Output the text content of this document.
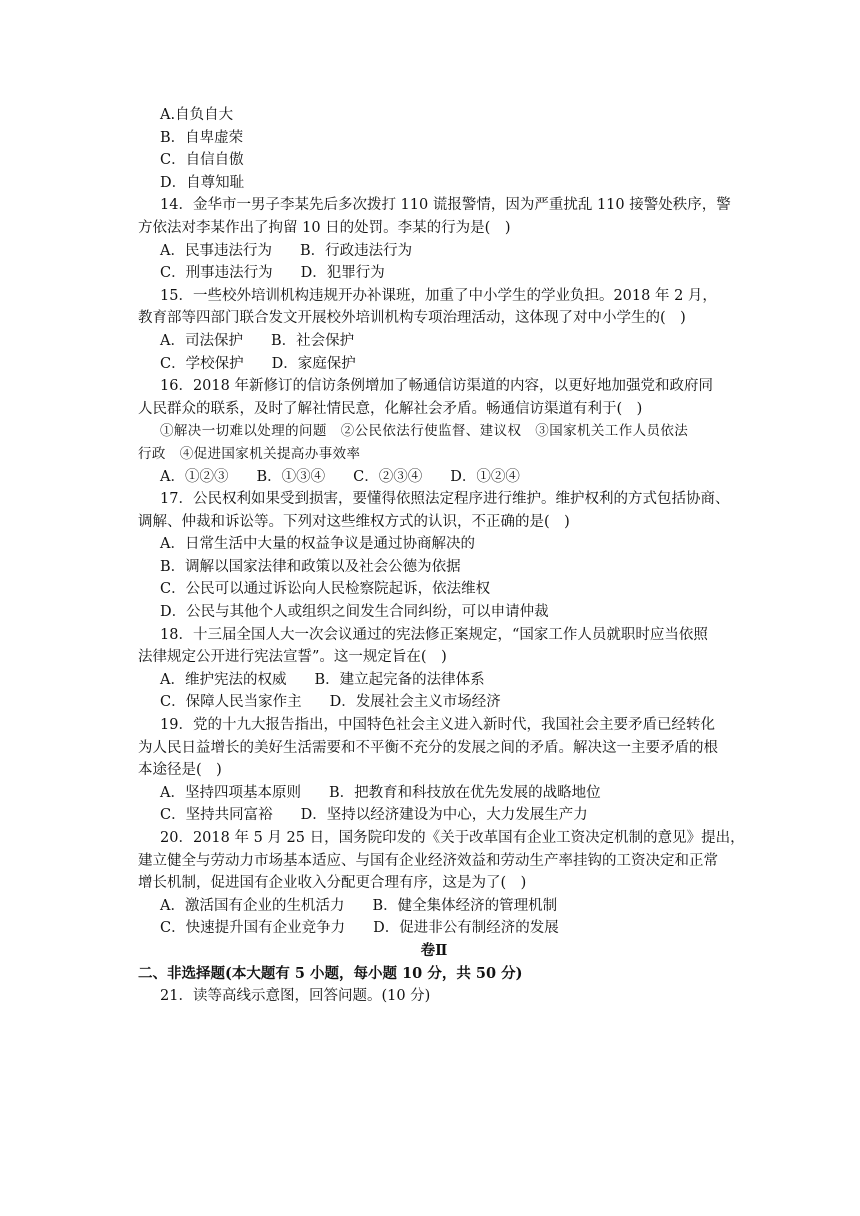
A.自负自大
B．自卑虚荣
C．自信自傲
D．自尊知耻
14．金华市一男子李某先后多次拨打 110 谎报警情，因为严重扰乱 110 接警处秩序，警
方依法对李某作出了拘留 10 日的处罚。李某的行为是(　)
A．民事违法行为 B．行政违法行为
C．刑事违法行为 D．犯罪行为
15．一些校外培训机构违规开办补课班，加重了中小学生的学业负担。2018 年 2 月，
教育部等四部门联合发文开展校外培训机构专项治理活动，这体现了对中小学生的(　)
A．司法保护 B．社会保护
C．学校保护 D．家庭保护
16．2018 年新修订的信访条例增加了畅通信访渠道的内容，以更好地加强党和政府同
人民群众的联系，及时了解社情民意，化解社会矛盾。畅通信访渠道有利于(　)
①解决一切难以处理的问题　②公民依法行使监督、建议权　③国家机关工作人员依法
行政　④促进国家机关提高办事效率
A．①②③ B．①③④ C．②③④ D．①②④
17．公民权利如果受到损害，要懂得依照法定程序进行维护。维护权利的方式包括协商、
调解、仲裁和诉讼等。下列对这些维权方式的认识，不正确的是(　)
A．日常生活中大量的权益争议是通过协商解决的
B．调解以国家法律和政策以及社会公德为依据
C．公民可以通过诉讼向人民检察院起诉，依法维权
D．公民与其他个人或组织之间发生合同纠纷，可以申请仲裁
18．十三届全国人大一次会议通过的宪法修正案规定，“国家工作人员就职时应当依照
法律规定公开进行宪法宣誓”。这一规定旨在(　)
A．维护宪法的权威 B．建立起完备的法律体系
C．保障人民当家作主 D．发展社会主义市场经济
19．党的十九大报告指出，中国特色社会主义进入新时代，我国社会主要矛盾已经转化
为人民日益增长的美好生活需要和不平衡不充分的发展之间的矛盾。解决这一主要矛盾的根
本途径是(　)
A．坚持四项基本原则 B．把教育和科技放在优先发展的战略地位
C．坚持共同富裕 D．坚持以经济建设为中心，大力发展生产力
20．2018 年 5 月 25 日，国务院印发的《关于改革国有企业工资决定机制的意见》提出，
建立健全与劳动力市场基本适应、与国有企业经济效益和劳动生产率挂钩的工资决定和正常
增长机制，促进国有企业收入分配更合理有序，这是为了(　)
A．激活国有企业的生机活力 B．健全集体经济的管理机制
C．快速提升国有企业竞争力 D．促进非公有制经济的发展
卷Ⅱ
二、非选择题(本大题有 5 小题，每小题 10 分，共 50 分)
21．读等高线示意图，回答问题。(10 分)
